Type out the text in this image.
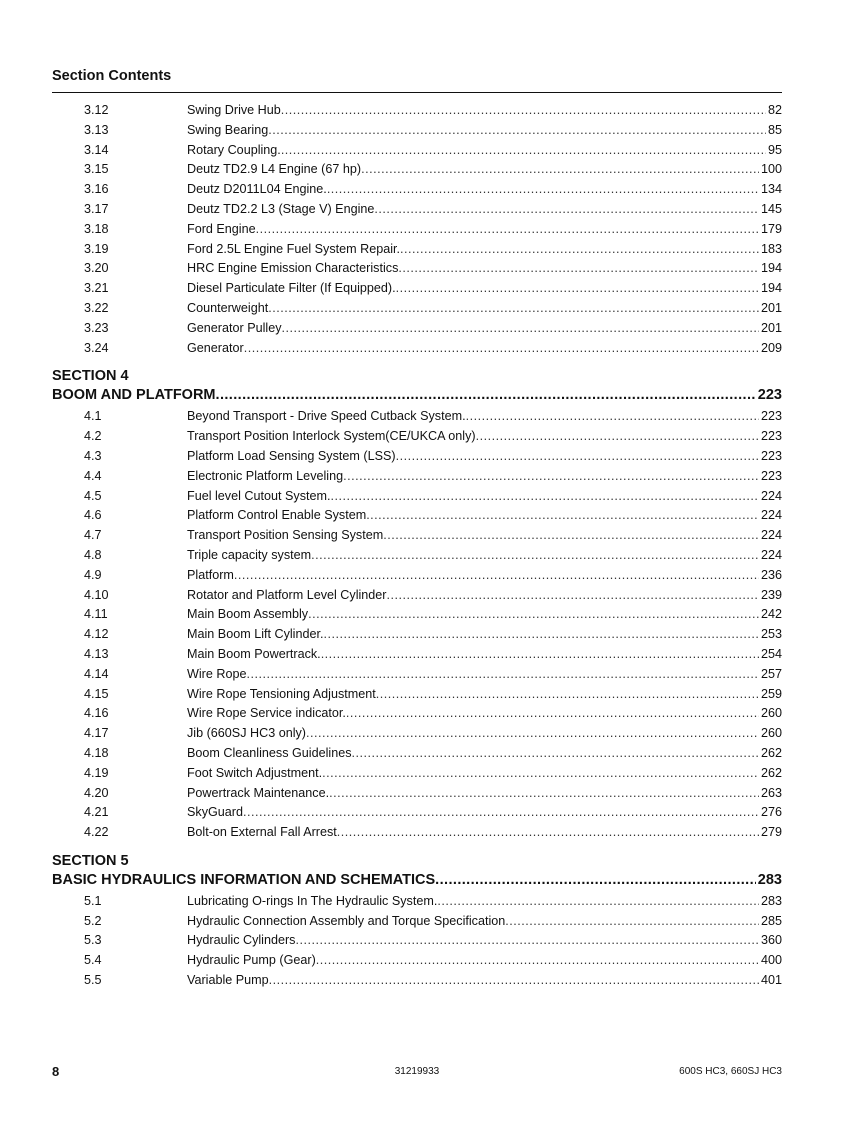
Section Contents
3.12	Swing Drive Hub .....	82
3.13	Swing Bearing .....	85
3.14	Rotary Coupling. .....	95
3.15	Deutz TD2.9 L4 Engine (67 hp) .....	100
3.16	Deutz D2011L04 Engine. .....	134
3.17	Deutz TD2.2 L3 (Stage V) Engine .....	145
3.18	Ford Engine .....	179
3.19	Ford 2.5L Engine Fuel System Repair. .....	183
3.20	HRC Engine Emission Characteristics .....	194
3.21	Diesel Particulate Filter (If Equipped). .....	194
3.22	Counterweight .....	201
3.23	Generator Pulley .....	201
3.24	Generator .....	209
SECTION 4
BOOM AND PLATFORM .....	223
4.1	Beyond Transport - Drive Speed Cutback System. .....	223
4.2	Transport Position Interlock System(CE/UKCA only) .....	223
4.3	Platform Load Sensing System (LSS) .....	223
4.4	Electronic Platform Leveling .....	223
4.5	Fuel level Cutout System. .....	224
4.6	Platform Control Enable System .....	224
4.7	Transport Position Sensing System .....	224
4.8	Triple capacity system .....	224
4.9	Platform .....	236
4.10	Rotator and Platform Level Cylinder .....	239
4.11	Main Boom Assembly .....	242
4.12	Main Boom Lift Cylinder. .....	253
4.13	Main Boom Powertrack. .....	254
4.14	Wire Rope .....	257
4.15	Wire Rope Tensioning Adjustment .....	259
4.16	Wire Rope Service indicator. .....	260
4.17	Jib (660SJ HC3 only) .....	260
4.18	Boom Cleanliness Guidelines .....	262
4.19	Foot Switch Adjustment. .....	262
4.20	Powertrack Maintenance. .....	263
4.21	SkyGuard .....	276
4.22	Bolt-on External Fall Arrest .....	279
SECTION 5
BASIC HYDRAULICS INFORMATION AND SCHEMATICS .....	283
5.1	Lubricating O-rings In The Hydraulic System. .....	283
5.2	Hydraulic Connection Assembly and Torque Specification .....	285
5.3	Hydraulic Cylinders .....	360
5.4	Hydraulic Pump (Gear) .....	400
5.5	Variable Pump .....	401
8	31219933	600S HC3, 660SJ HC3
